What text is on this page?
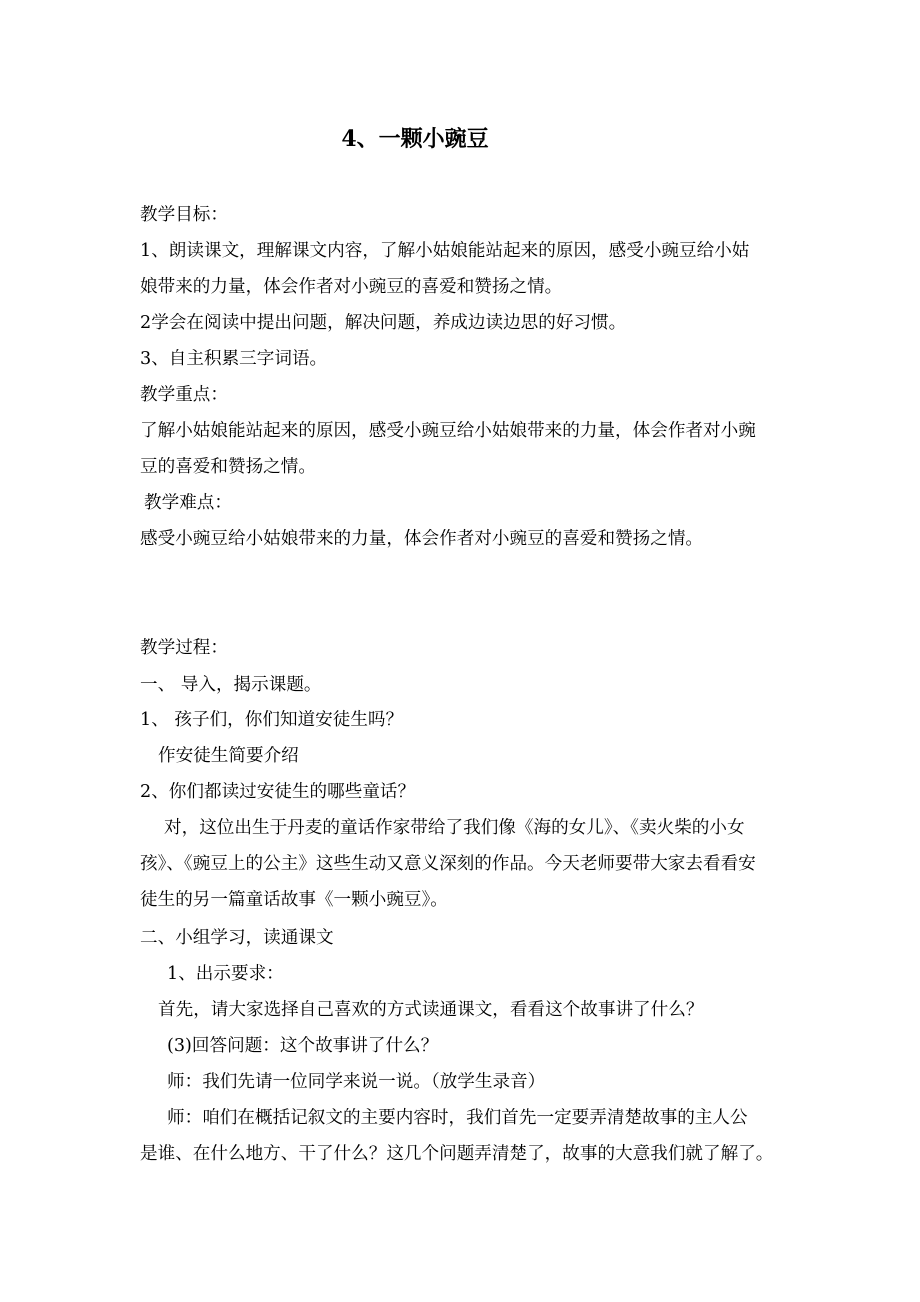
4、一颗小豌豆
教学目标：
1、朗读课文，理解课文内容，了解小姑娘能站起来的原因，感受小豌豆给小姑
娘带来的力量，体会作者对小豌豆的喜爱和赞扬之情。
2学会在阅读中提出问题，解决问题，养成边读边思的好习惯。
3、自主积累三字词语。
教学重点：
了解小姑娘能站起来的原因，感受小豌豆给小姑娘带来的力量，体会作者对小豌
豆的喜爱和赞扬之情。
教学难点：
感受小豌豆给小姑娘带来的力量，体会作者对小豌豆的喜爱和赞扬之情。
教学过程：
一、 导入，揭示课题。
1、 孩子们，你们知道安徒生吗？
作安徒生简要介绍
2、你们都读过安徒生的哪些童话？
对，这位出生于丹麦的童话作家带给了我们像《海的女儿》、《卖火柴的小女
孩》、《豌豆上的公主》这些生动又意义深刻的作品。今天老师要带大家去看看安
徒生的另一篇童话故事《一颗小豌豆》。
二、小组学习，读通课文
1、出示要求：
首先，请大家选择自己喜欢的方式读通课文，看看这个故事讲了什么？
(3)回答问题：这个故事讲了什么？
师：我们先请一位同学来说一说。（放学生录音）
师：咱们在概括记叙文的主要内容时，我们首先一定要弄清楚故事的主人公
是谁、在什么地方、干了什么？这几个问题弄清楚了，故事的大意我们就了解了。
